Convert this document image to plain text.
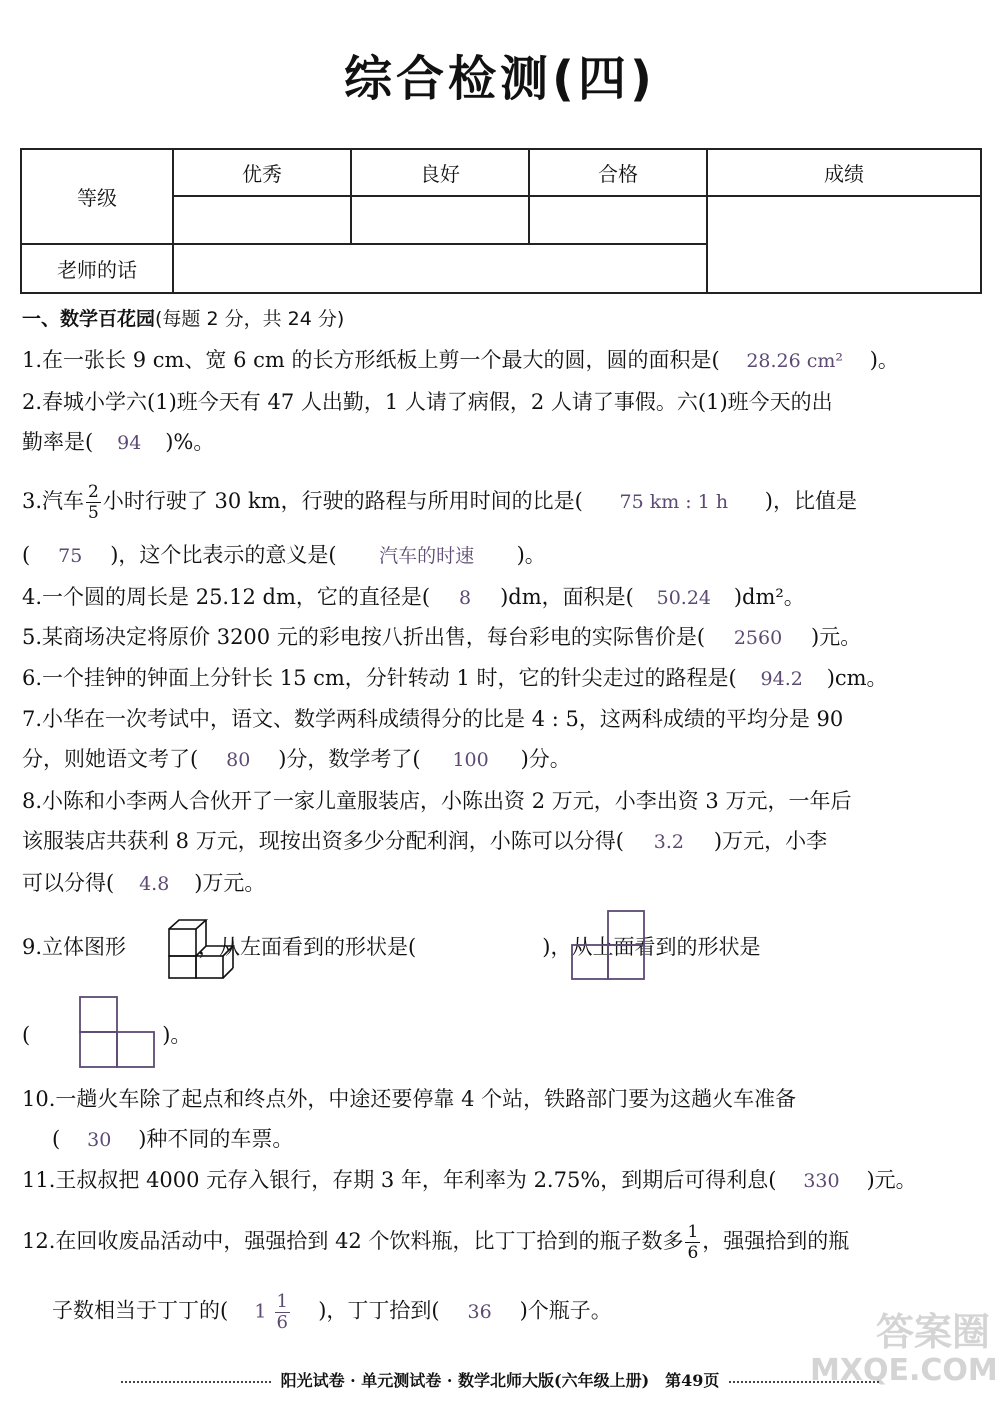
综合检测(四)
等级	优秀	良好	合格	成绩

老师的话				
一、数学百花园(每题 2 分，共 24 分)
1.在一张长 9 cm、宽 6 cm 的长方形纸板上剪一个最大的圆，圆的面积是( 28.26 cm² )。
2.春城小学六(1)班今天有 47 人出勤，1 人请了病假，2 人请了事假。六(1)班今天的出
勤率是( 94 )%。
3.汽车 $\frac{2}{5}$ 小时行驶了 30 km，行驶的路程与所用时间的比是( 75 km : 1 h )，比值是
( 75 )，这个比表示的意义是( 汽车的时速 )。
4.一个圆的周长是 25.12 dm，它的直径是( 8 )dm，面积是( 50.24 )dm²。
5.某商场决定将原价 3200 元的彩电按八折出售，每台彩电的实际售价是( 2560 )元。
6.一个挂钟的钟面上分针长 15 cm，分针转动 1 时，它的针尖走过的路程是( 94.2 )cm。
7.小华在一次考试中，语文、数学两科成绩得分的比是 4 : 5，这两科成绩的平均分是 90
分，则她语文考了( 80 )分，数学考了( 100 )分。
8.小陈和小李两人合伙开了一家儿童服装店，小陈出资 2 万元，小李出资 3 万元，一年后
该服装店共获利 8 万元，现按出资多少分配利润，小陈可以分得( 3.2 )万元，小李
可以分得( 4.8 )万元。
9.立体图形	，从左面看到的形状是(	)，从上面看到的形状是
(	)。
10.一趟火车除了起点和终点外，中途还要停靠 4 个站，铁路部门要为这趟火车准备
( 30 )种不同的车票。
11.王叔叔把 4000 元存入银行，存期 3 年，年利率为 2.75%，到期后可得利息( 330 )元。
12.在回收废品活动中，强强拾到 42 个饮料瓶，比丁丁拾到的瓶子数多 $\frac{1}{6}$ ，强强拾到的瓶
子数相当于丁丁的( $1 \frac{1}{6}$ )，丁丁拾到( 36 )个瓶子。	答案圈
MXQE.COM
阳光试卷 · 单元测试卷 · 数学北师大版(六年级上册)　第49页
